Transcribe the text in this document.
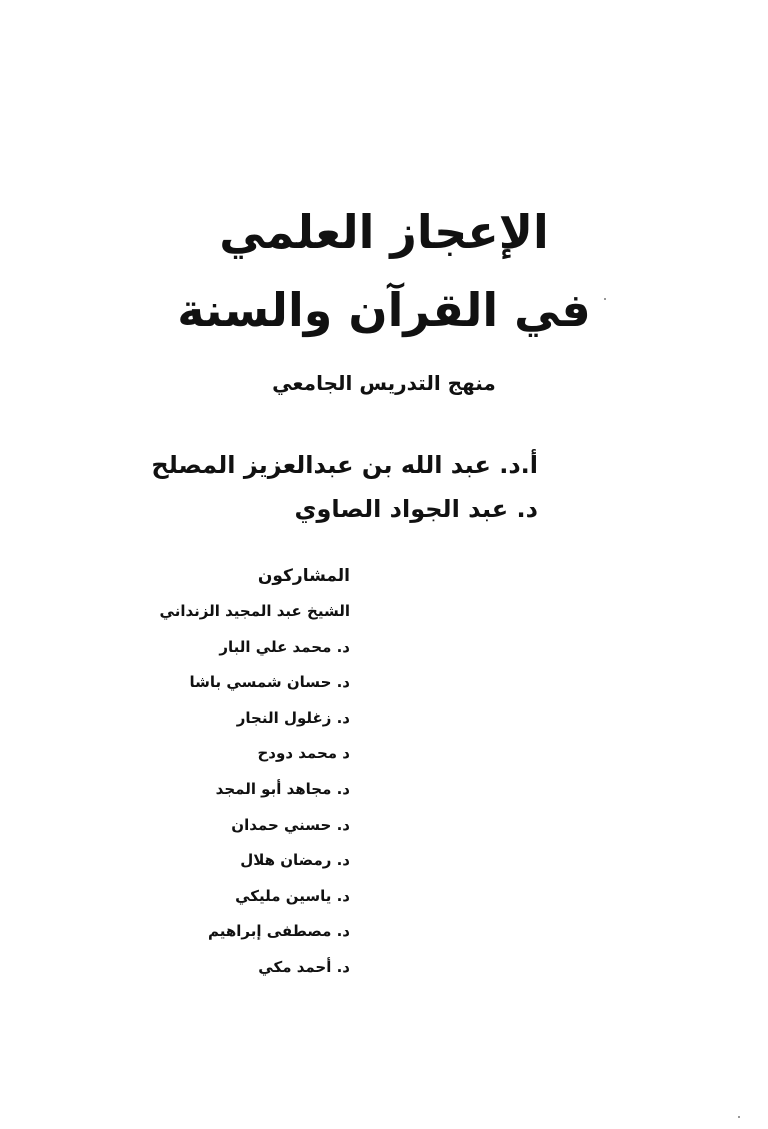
الإعجاز العلمي
في القرآن والسنة
منهج التدريس الجامعي
أ.د. عبد الله بن عبدالعزيز المصلح
د. عبد الجواد الصاوي
المشاركون
الشيخ عبد المجيد الزنداني
د. محمد علي البار
د. حسان شمسي باشا
د. زغلول النجار
د محمد دودح
د. مجاهد أبو المجد
د. حسني حمدان
د. رمضان هلال
د. ياسين مليكي
د. مصطفى إبراهيم
د. أحمد مكي
